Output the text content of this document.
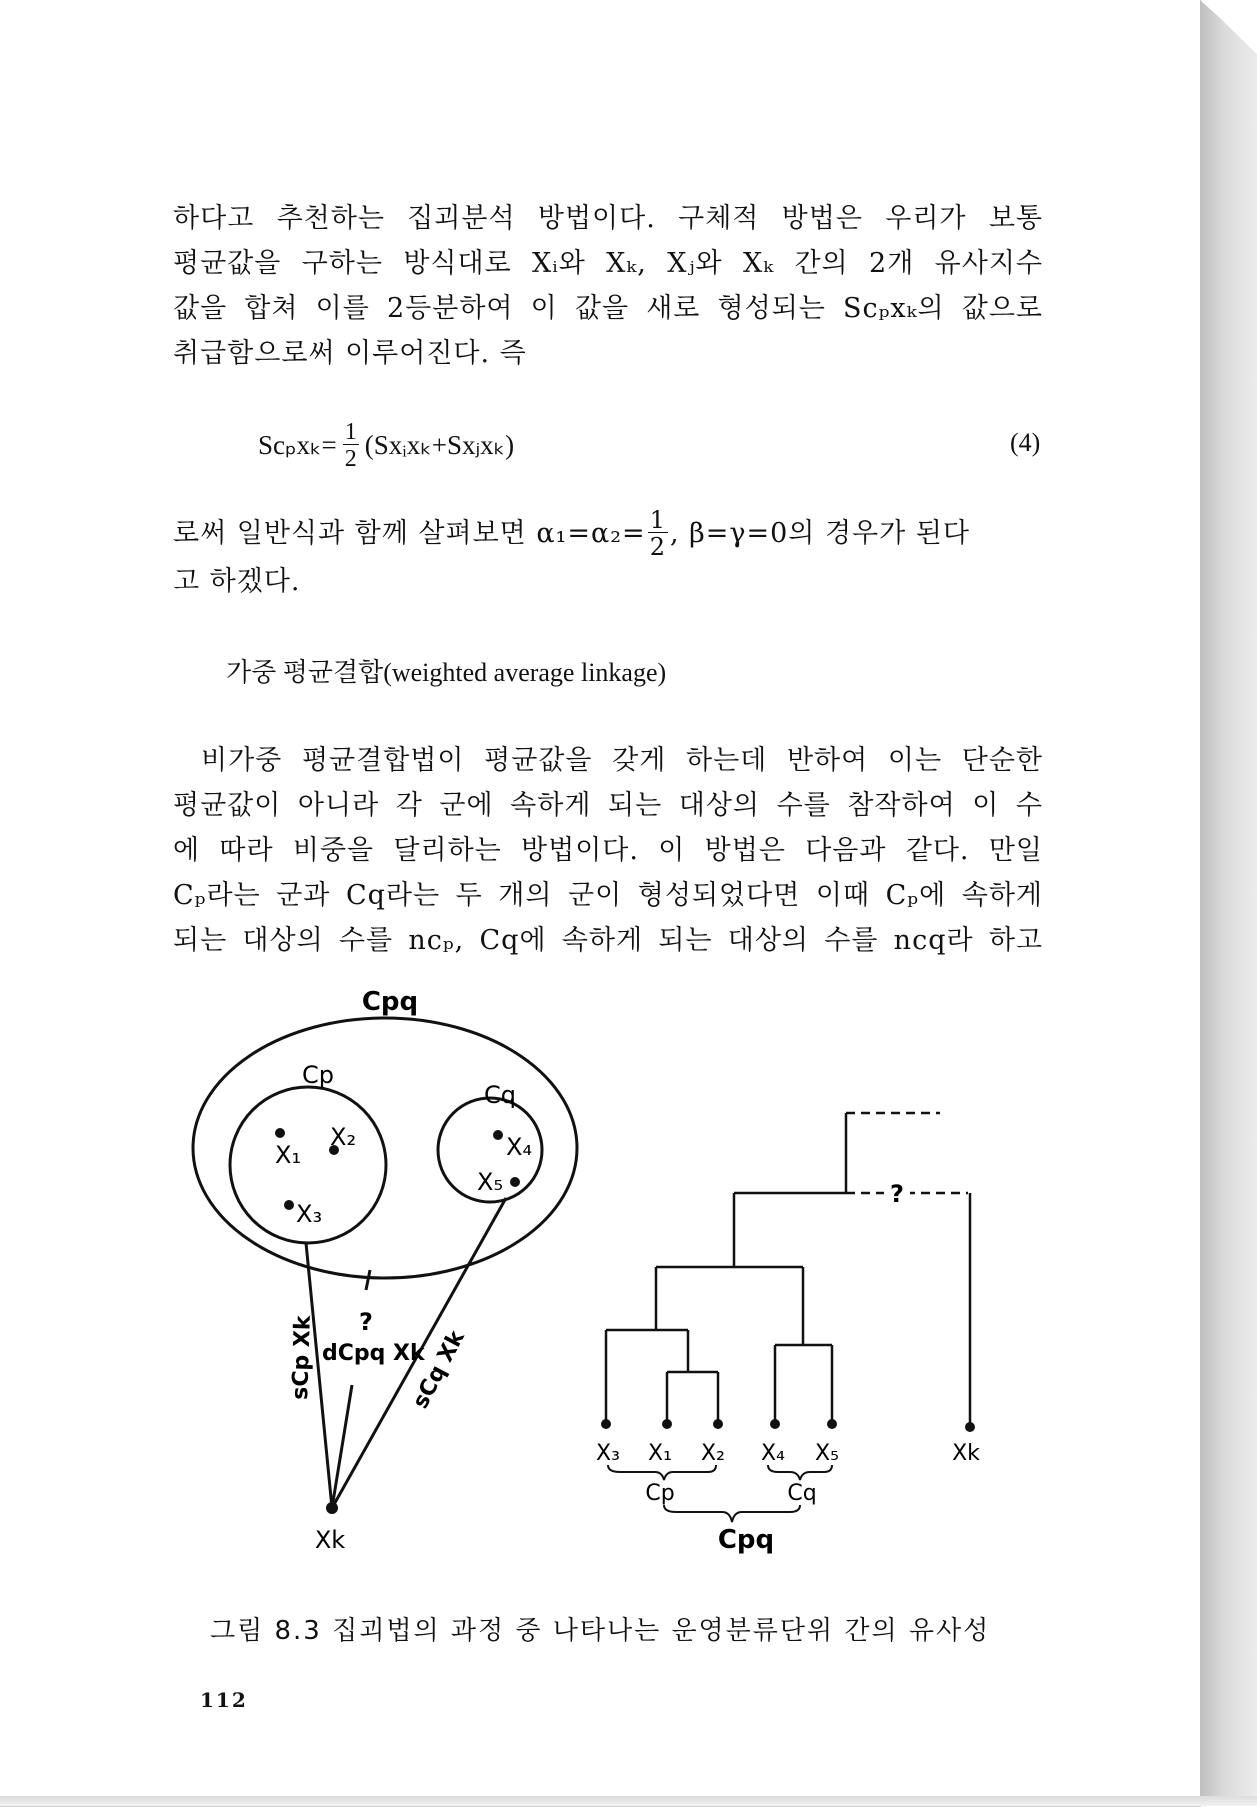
하다고 추천하는 집괴분석 방법이다. 구체적 방법은 우리가 보통
평균값을 구하는 방식대로 Xᵢ와 Xₖ, Xⱼ와 Xₖ 간의 2개 유사지수
값을 합쳐 이를 2등분하여 이 값을 새로 형성되는 Scₚxₖ의 값으로
취급함으로써 이루어진다. 즉
$Sc_px_k= \frac{1}{2}$ (Sxᵢxₖ+Sxⱼxₖ)	(4)
로써 일반식과 함께 살펴보면 $\alpha_1=\alpha_2= \frac{1}{2}$ , β=γ=0의 경우가 된다
고 하겠다.
가중 평균결합(weighted average linkage)
비가중 평균결합법이 평균값을 갖게 하는데 반하여 이는 단순한
평균값이 아니라 각 군에 속하게 되는 대상의 수를 참작하여 이 수
에 따라 비중을 달리하는 방법이다. 이 방법은 다음과 같다. 만일
Cₚ라는 군과 Cq라는 두 개의 군이 형성되었다면 이때 Cₚ에 속하게
되는 대상의 수를 ncₚ, Cq에 속하게 되는 대상의 수를 ncq라 하고
Cpq
Cp
Cq
X₁
X₂
X₃
X₄
X₅
?
sCp Xk dCpq Xk
sCq Xk
Xk
?
X₃ X₁ X₂ X₄ X₅	Xk
Cp	Cq
Cpq
그림 8.3 집괴법의 과정 중 나타나는 운영분류단위 간의 유사성
112
